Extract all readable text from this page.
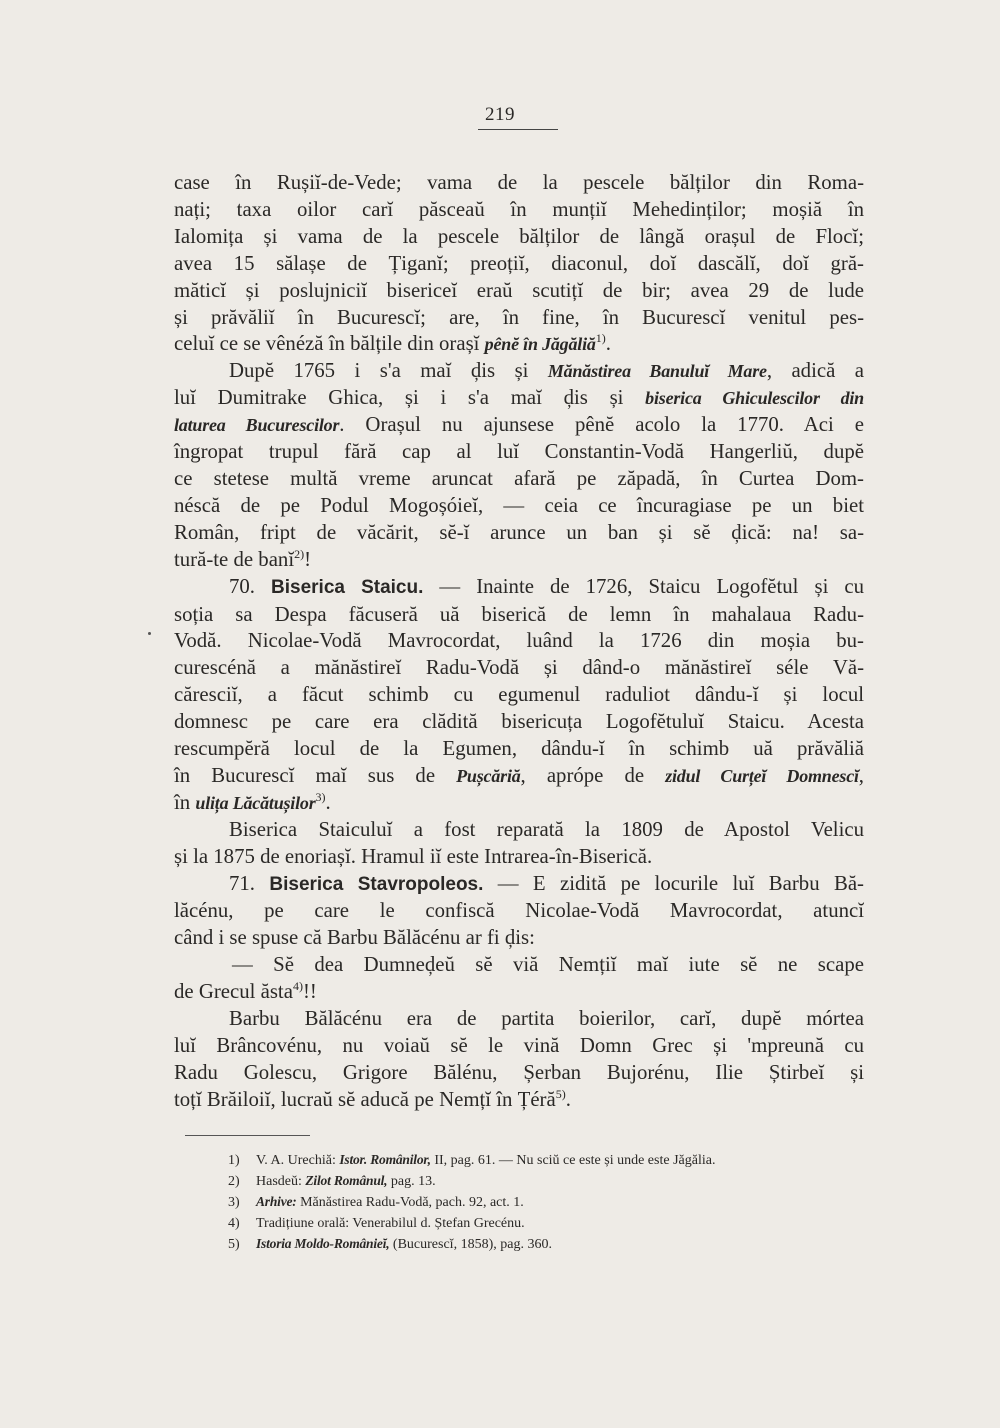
219
case în Rușiĭ-de-Vede; vama de la pescele bălților din Roma-
nați; taxa oilor carĭ păsceaŭ în munțiĭ Mehedinților; moșiă în
Ialomița și vama de la pescele bălților de lângă orașul de Flocĭ;
avea 15 sălașe de Țiganĭ; preoțiĭ, diaconul, doĭ dascălĭ, doĭ gră-
măticĭ și poslujniciĭ bisericeĭ eraŭ scutițĭ de bir; avea 29 de lude
și prăvăliĭ în Bucurescĭ; are, în fine, în Bucurescĭ venitul pes-
celuĭ ce se vênéză în bălțile din orașĭ pênĕ în Jăgăliă$^{1)}$.
Dupĕ 1765 i s'a maĭ ḑis și Mănăstirea Banuluĭ Mare, adică a
luĭ Dumitrake Ghica, și i s'a maĭ ḑis și biserica Ghiculescilor din
laturea Bucurescilor. Orașul nu ajunsese pênĕ acolo la 1770. Aci e
îngropat trupul fără cap al luĭ Constantin-Vodă Hangerliŭ, dupĕ
ce stetese multă vreme aruncat afară pe zăpadă, în Curtea Dom-
néscă de pe Podul Mogoșóieĭ, — ceia ce încuragiase pe un biet
Român, fript de văcărit, sĕ-ĭ arunce un ban și sĕ ḑică: na! sa-
tură-te de banĭ$^{2)}$!
70. Biserica Staicu. — Inainte de 1726, Staicu Logofĕtul și cu
soția sa Despa făcuseră uă biserică de lemn în mahalaua Radu-
Vodă. Nicolae-Vodă Mavrocordat, luând la 1726 din moșia bu-
curescénă a mănăstireĭ Radu-Vodă și dând-o mănăstireĭ séle Vă-
căresciĭ, a făcut schimb cu egumenul raduliot dându-ĭ și locul
domnesc pe care era clădită bisericuța Logofĕtuluĭ Staicu. Acesta
rescumpĕră locul de la Egumen, dându-ĭ în schimb uă prăvăliă
în Bucurescĭ maĭ sus de Pușcăriă, aprópe de zidul Curțeĭ Domnescĭ,
în ulița Lăcătușilor$^{3)}$.
Biserica Staiculuĭ a fost reparată la 1809 de Apostol Velicu
și la 1875 de enoriașĭ. Hramul iĭ este Intrarea-în-Biserică.
71. Biserica Stavropoleos. — E zidită pe locurile luĭ Barbu Bă-
lăcénu, pe care le confiscă Nicolae-Vodă Mavrocordat, atuncĭ
când i se spuse că Barbu Bălăcénu ar fi ḑis:
— Sĕ dea Dumneḑeŭ sĕ viă Nemțiĭ maĭ iute sĕ ne scape
de Grecul ăsta$^{4)}$!!
Barbu Bălăcénu era de partita boierilor, carĭ, dupĕ mórtea
luĭ Brâncovénu, nu voiaŭ sĕ le vină Domn Grec și 'mpreună cu
Radu Golescu, Grigore Bălénu, Șerban Bujorénu, Ilie Știrbeĭ și
toțĭ Brăiloiĭ, lucraŭ sĕ aducă pe Nemțĭ în Țéră$^{5)}$.
1) V. A. Urechiă: Istor. Românilor, II, pag. 61. — Nu sciŭ ce este și unde este Jăgălia.
2) Hasdeŭ: Zilot Românul, pag. 13.
3) Arhive: Mănăstirea Radu-Vodă, pach. 92, act. 1.
4) Tradițiune orală: Venerabilul d. Ștefan Grecénu.
5) Istoria Moldo-Românieĭ, (Bucurescĭ, 1858), pag. 360.
